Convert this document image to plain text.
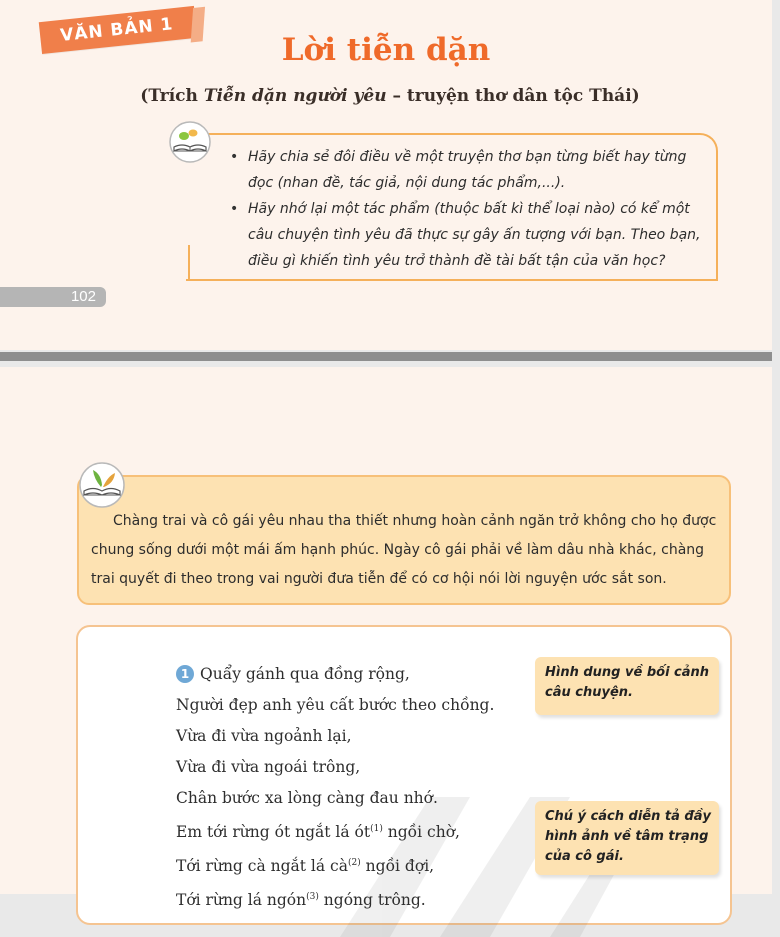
VĂN BẢN 1
Lời tiễn dặn

(Trích Tiễn dặn người yêu – truyện thơ dân tộc Thái)

• Hãy chia sẻ đôi điều về một truyện thơ bạn từng biết hay từng đọc (nhan đề, tác giả, nội dung tác phẩm,...).
• Hãy nhớ lại một tác phẩm (thuộc bất kì thể loại nào) có kể một câu chuyện tình yêu đã thực sự gây ấn tượng với bạn. Theo bạn, điều gì khiến tình yêu trở thành đề tài bất tận của văn học?
102

Chàng trai và cô gái yêu nhau tha thiết nhưng hoàn cảnh ngăn trở không cho họ được chung sống dưới một mái ấm hạnh phúc. Ngày cô gái phải về làm dâu nhà khác, chàng trai quyết đi theo trong vai người đưa tiễn để có cơ hội nói lời nguyện ước sắt son.

1 Quẩy gánh qua đồng rộng,
Người đẹp anh yêu cất bước theo chồng.
Vừa đi vừa ngoảnh lại,
Vừa đi vừa ngoái trông,
Chân bước xa lòng càng đau nhớ.
Em tới rừng ót ngắt lá $ót^{(1)}$ ngồi chờ,
Tới rừng cà ngắt lá $cà^{(2)}$ ngồi đợi,
Tới rừng lá ngón$^{(3)}$ ngóng trông.
Hình dung về bối cảnh câu chuyện.
Chú ý cách diễn tả đầy hình ảnh về tâm trạng của cô gái.
